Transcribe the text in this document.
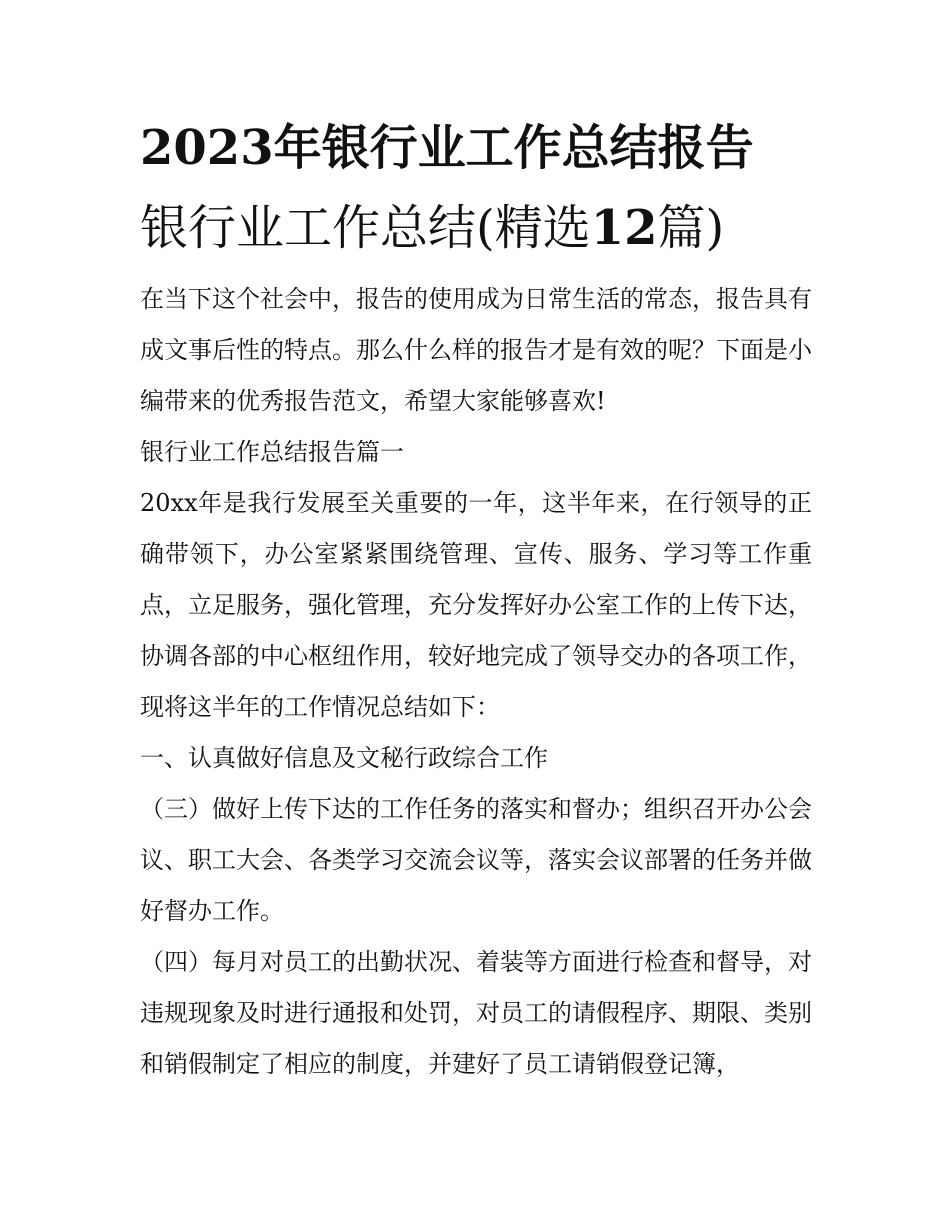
2023年银行业工作总结报告
银行业工作总结(精选12篇)

在当下这个社会中，报告的使用成为日常生活的常态，报告具有成文事后性的特点。那么什么样的报告才是有效的呢？下面是小编带来的优秀报告范文，希望大家能够喜欢!

银行业工作总结报告篇一

20xx年是我行发展至关重要的一年，这半年来，在行领导的正确带领下，办公室紧紧围绕管理、宣传、服务、学习等工作重点，立足服务，强化管理，充分发挥好办公室工作的上传下达，协调各部的中心枢纽作用，较好地完成了领导交办的各项工作，现将这半年的工作情况总结如下：

一、认真做好信息及文秘行政综合工作

（三）做好上传下达的工作任务的落实和督办；组织召开办公会议、职工大会、各类学习交流会议等，落实会议部署的任务并做好督办工作。

（四）每月对员工的出勤状况、着装等方面进行检查和督导，对违规现象及时进行通报和处罚，对员工的请假程序、期限、类别和销假制定了相应的制度，并建好了员工请销假登记簿，
